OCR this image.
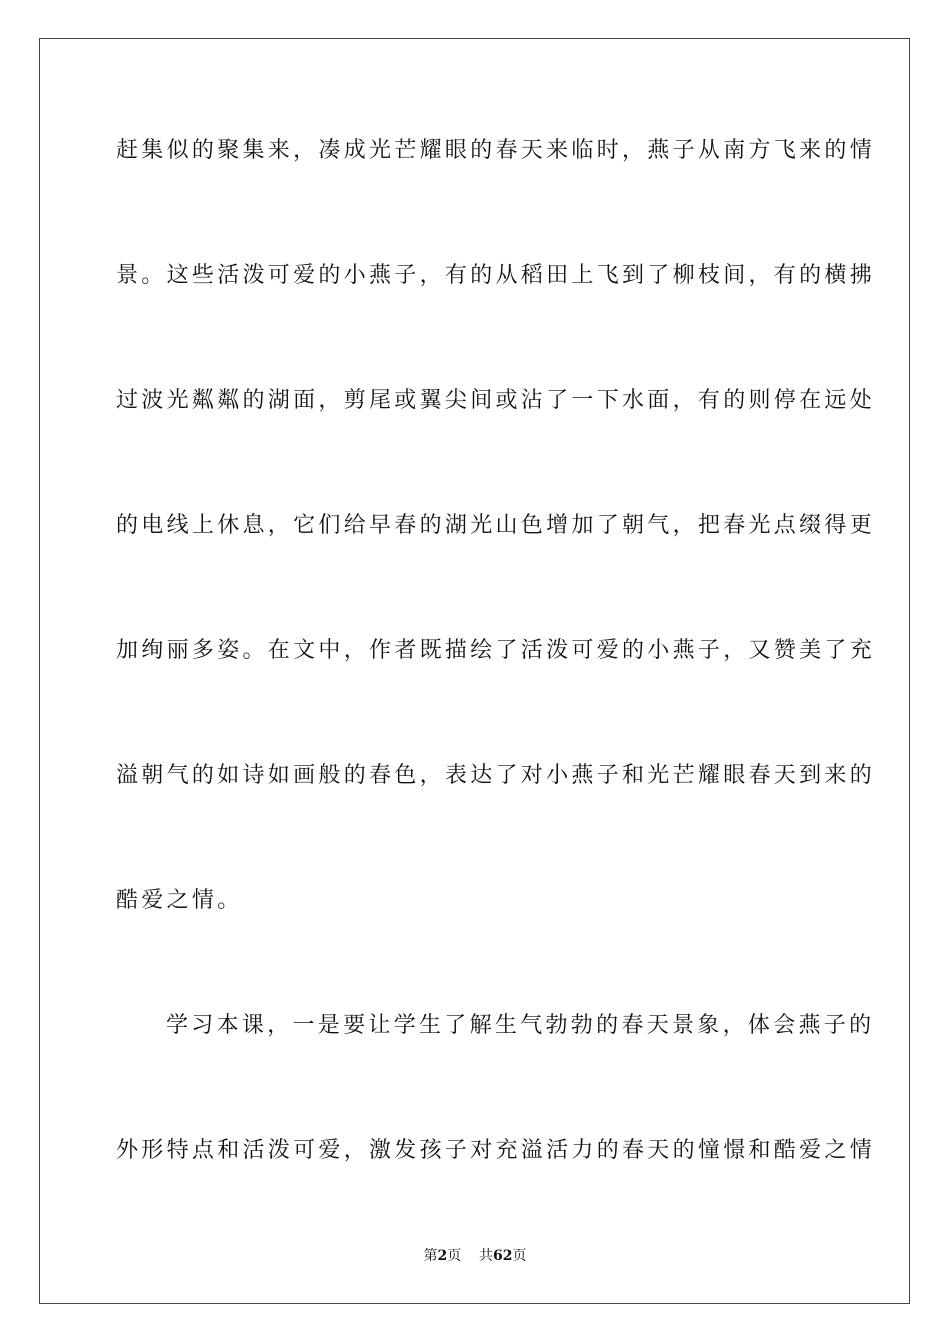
赶集似的聚集来，凑成光芒耀眼的春天来临时，燕子从南方飞来的情
景。这些活泼可爱的小燕子，有的从稻田上飞到了柳枝间，有的横拂
过波光粼粼的湖面，剪尾或翼尖间或沾了一下水面，有的则停在远处
的电线上休息，它们给早春的湖光山色增加了朝气，把春光点缀得更
加绚丽多姿。在文中，作者既描绘了活泼可爱的小燕子，又赞美了充
溢朝气的如诗如画般的春色，表达了对小燕子和光芒耀眼春天到来的
酷爱之情。
学习本课，一是要让学生了解生气勃勃的春天景象，体会燕子的
外形特点和活泼可爱，激发孩子对充溢活力的春天的憧憬和酷爱之情
第2页 共62页
